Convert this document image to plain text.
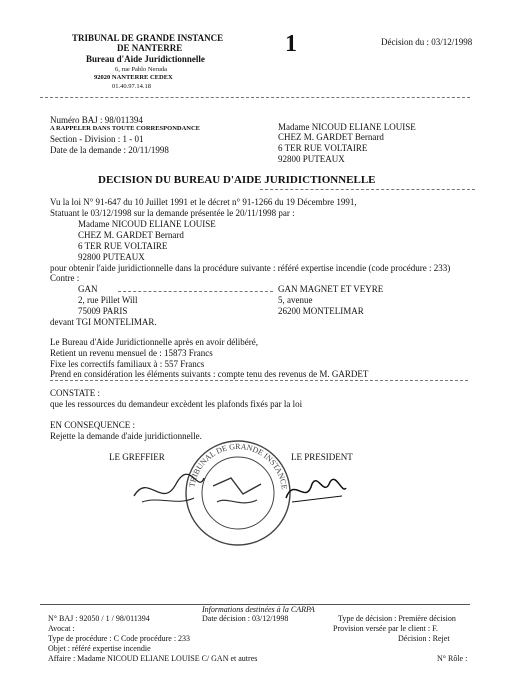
TRIBUNAL DE GRANDE INSTANCE
DE NANTERRE
Bureau d'Aide Juridictionnelle
6, rue Pablo Neruda
92020 NANTERRE CEDEX
01.40.97.14.18
1	Décision du : 03/12/1998
Numéro BAJ : 98/011394
A RAPPELER DANS TOUTE CORRESPONDANCE
Section - Division : 1 - 01
Date de la demande : 20/11/1998
Madame NICOUD ELIANE LOUISE
CHEZ M. GARDET Bernard
6 TER RUE VOLTAIRE
92800 PUTEAUX
DECISION DU BUREAU D'AIDE JURIDICTIONNELLE
Vu la loi N° 91-647 du 10 Juillet 1991 et le décret n° 91-1266 du 19 Décembre 1991,
Statuant le 03/12/1998 sur la demande présentée le 20/11/1998 par :
Madame NICOUD ELIANE LOUISE
CHEZ M. GARDET Bernard
6 TER RUE VOLTAIRE
92800 PUTEAUX
pour obtenir l'aide juridictionnelle dans la procédure suivante : référé expertise incendie (code procédure : 233)
Contre :
GAN
2, rue Pillet Will
75009 PARIS
GAN MAGNET ET VEYRE
5, avenue
26200 MONTELIMAR
devant TGI MONTELIMAR.
Le Bureau d'Aide Juridictionnelle après en avoir délibéré,
Retient un revenu mensuel de : 15873 Francs
Fixe les correctifs familiaux à : 557 Francs
Prend en considération les éléments suivants : compte tenu des revenus de M. GARDET
CONSTATE :
que les ressources du demandeur excèdent les plafonds fixés par la loi
EN CONSEQUENCE :
Rejette la demande d'aide juridictionnelle.
LE GREFFIER	LE PRESIDENT
TRIBUNAL DE GRANDE INSTANCE
Informations destinées à la CARPA
N° BAJ : 92050 / 1 / 98/011394	Date décision : 03/12/1998	Type de décision : Première décision
Avocat :	Provision versée par le client : F.
Type de procédure : C Code procédure : 233	Décision : Rejet
Objet : référé expertise incendie
Affaire : Madame NICOUD ELIANE LOUISE C/ GAN et autres	N° Rôle :
